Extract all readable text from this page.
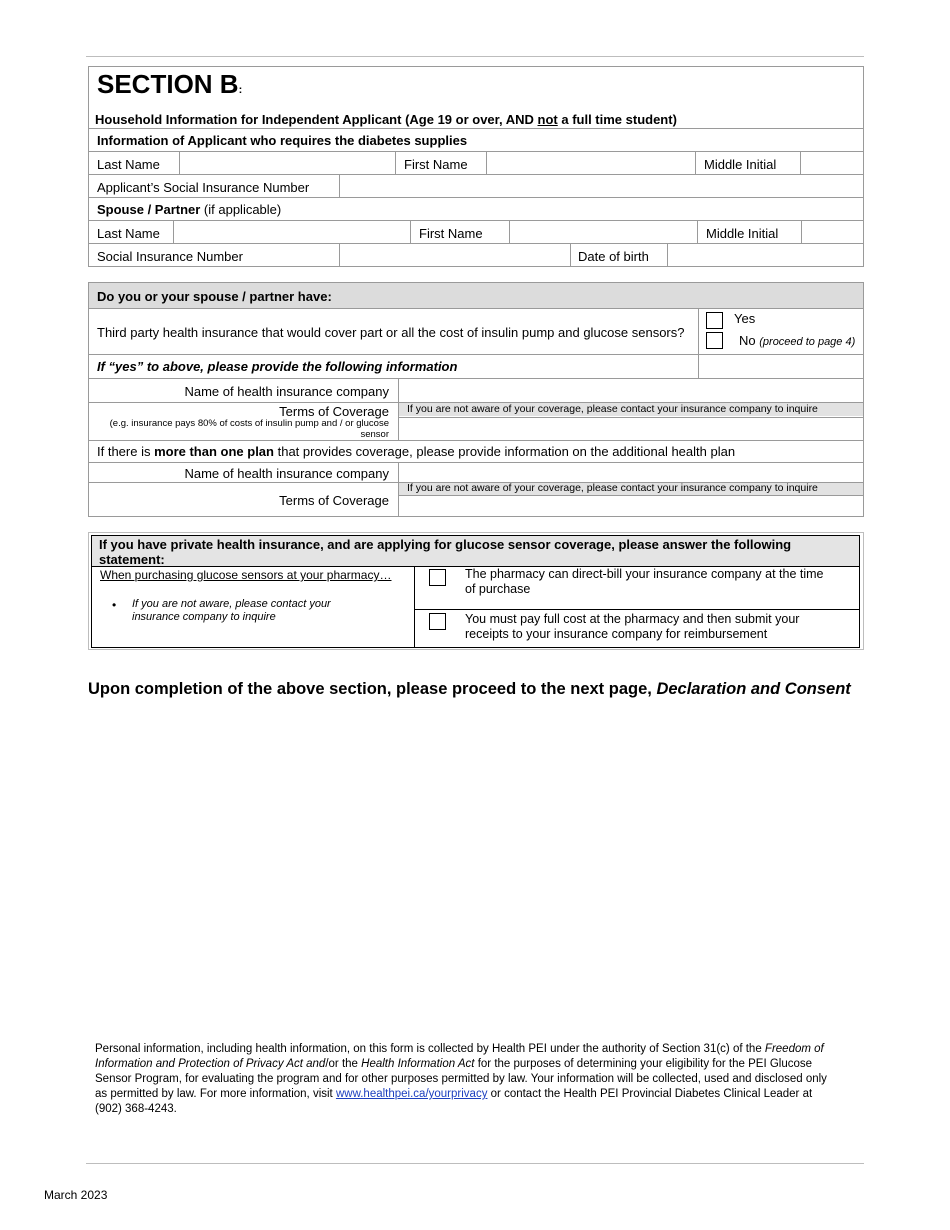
SECTION B:
Household Information for Independent Applicant (Age 19 or over, AND not a full time student)
Information of Applicant who requires the diabetes supplies
Last Name	First Name	Middle Initial
Applicant’s Social Insurance Number
Spouse / Partner (if applicable)
Last Name	First Name	Middle Initial
Social Insurance Number	Date of birth
Do you or your spouse / partner have:
Third party health insurance that would cover part or all the cost of insulin pump and glucose sensors?
Yes
No (proceed to page 4)
If “yes” to above, please provide the following information
Name of health insurance company
Terms of Coverage
(e.g. insurance pays 80% of costs of insulin pump and / or glucose sensor
If you are not aware of your coverage, please contact your insurance company to inquire
If there is more than one plan that provides coverage, please provide information on the additional health plan
Name of health insurance company
Terms of Coverage
If you are not aware of your coverage, please contact your insurance company to inquire
If you have private health insurance, and are applying for glucose sensor coverage, please answer the following statement:
When purchasing glucose sensors at your pharmacy…
• If you are not aware, please contact your insurance company to inquire
The pharmacy can direct-bill your insurance company at the time of purchase
You must pay full cost at the pharmacy and then submit your receipts to your insurance company for reimbursement
Upon completion of the above section, please proceed to the next page, Declaration and Consent
Personal information, including health information, on this form is collected by Health PEI under the authority of Section 31(c) of the Freedom of Information and Protection of Privacy Act and/or the Health Information Act for the purposes of determining your eligibility for the PEI Glucose Sensor Program, for evaluating the program and for other purposes permitted by law. Your information will be collected, used and disclosed only as permitted by law. For more information, visit www.healthpei.ca/yourprivacy or contact the Health PEI Provincial Diabetes Clinical Leader at (902) 368-4243.
March 2023
